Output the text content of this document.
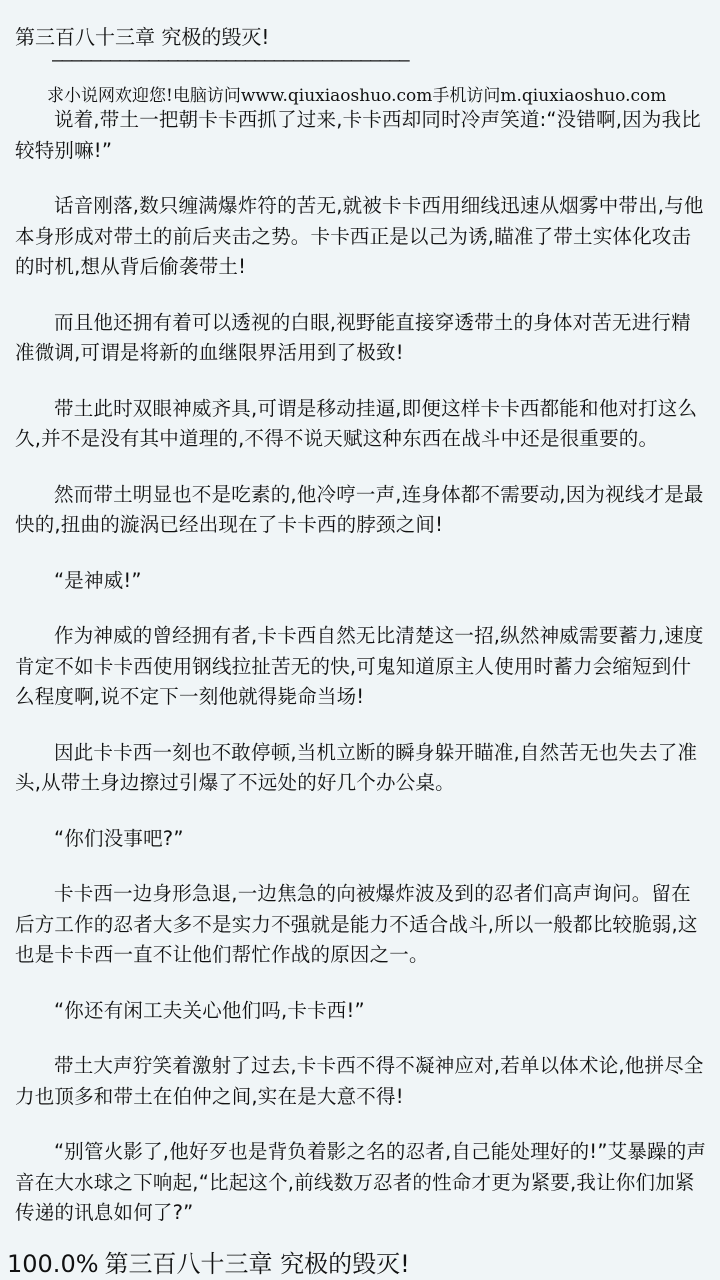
第三百八十三章 究极的毁灭!
—————————————————————————————————————
求小说网欢迎您!电脑访问www.qiuxiaoshuo.com手机访问m.qiuxiaoshuo.com

说着,带土一把朝卡卡西抓了过来,卡卡西却同时冷声笑道:“没错啊,因为我比较特别嘛!”

话音刚落,数只缠满爆炸符的苦无,就被卡卡西用细线迅速从烟雾中带出,与他本身形成对带土的前后夹击之势。卡卡西正是以己为诱,瞄准了带土实体化攻击的时机,想从背后偷袭带土!

而且他还拥有着可以透视的白眼,视野能直接穿透带土的身体对苦无进行精准微调,可谓是将新的血继限界活用到了极致!

带土此时双眼神威齐具,可谓是移动挂逼,即便这样卡卡西都能和他对打这么久,并不是没有其中道理的,不得不说天赋这种东西在战斗中还是很重要的。

然而带土明显也不是吃素的,他冷哼一声,连身体都不需要动,因为视线才是最快的,扭曲的漩涡已经出现在了卡卡西的脖颈之间!

“是神威!”

作为神威的曾经拥有者,卡卡西自然无比清楚这一招,纵然神威需要蓄力,速度肯定不如卡卡西使用钢线拉扯苦无的快,可鬼知道原主人使用时蓄力会缩短到什么程度啊,说不定下一刻他就得毙命当场!

因此卡卡西一刻也不敢停顿,当机立断的瞬身躲开瞄准,自然苦无也失去了准头,从带土身边擦过引爆了不远处的好几个办公桌。

“你们没事吧?”

卡卡西一边身形急退,一边焦急的向被爆炸波及到的忍者们高声询问。留在后方工作的忍者大多不是实力不强就是能力不适合战斗,所以一般都比较脆弱,这也是卡卡西一直不让他们帮忙作战的原因之一。

“你还有闲工夫关心他们吗,卡卡西!”

带土大声狞笑着激射了过去,卡卡西不得不凝神应对,若单以体术论,他拼尽全力也顶多和带土在伯仲之间,实在是大意不得!

“别管火影了,他好歹也是背负着影之名的忍者,自己能处理好的!”艾暴躁的声音在大水球之下响起,“比起这个,前线数万忍者的性命才更为紧要,我让你们加紧传递的讯息如何了?”

100.0% 第三百八十三章 究极的毁灭!
